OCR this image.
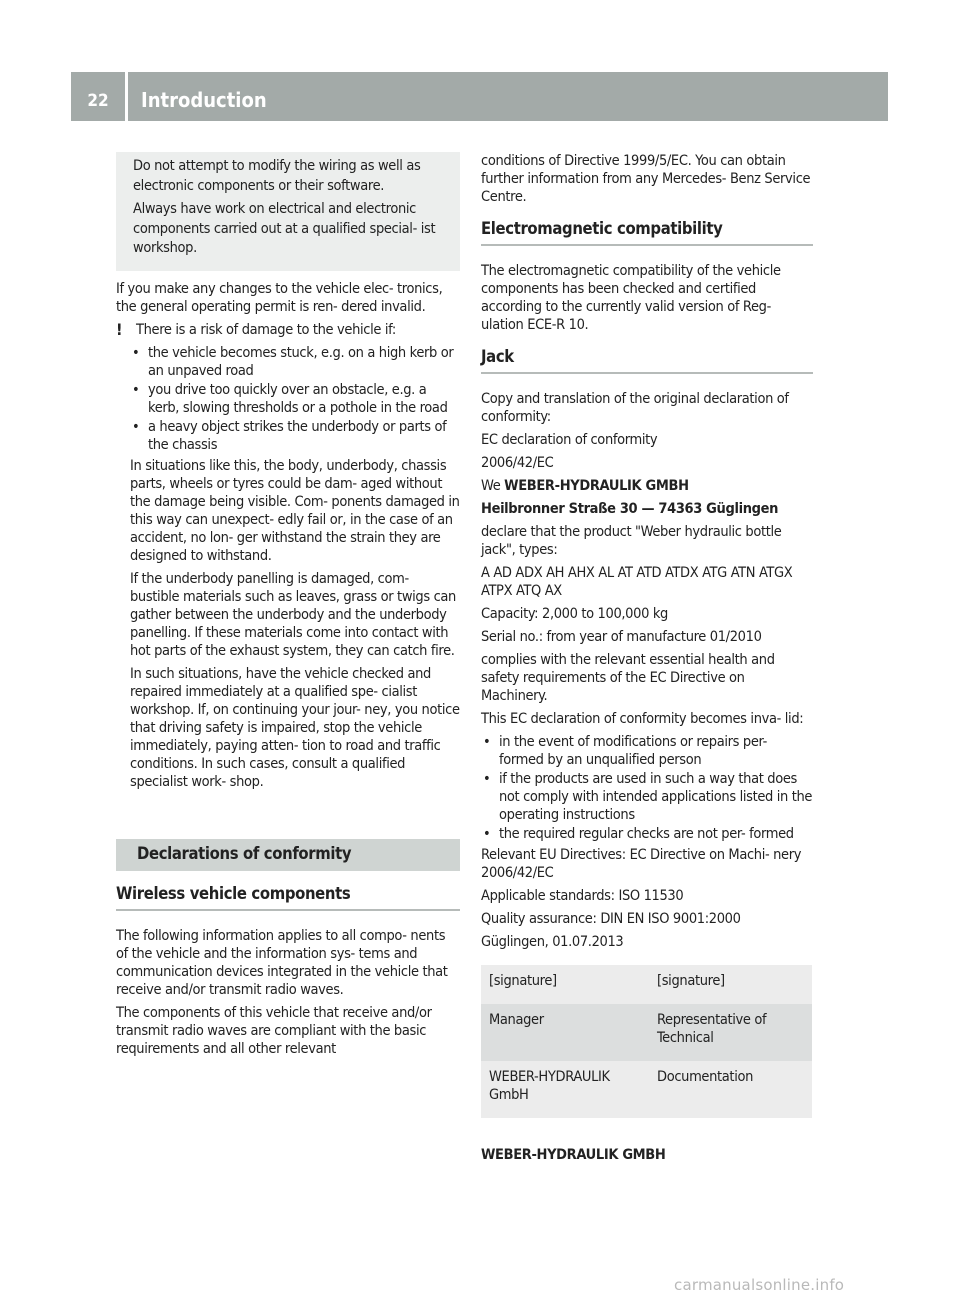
22	Introduction

Do not attempt to modify the wiring as well as electronic components or their software.

Always have work on electrical and electronic components carried out at a qualified special- ist workshop.

If you make any changes to the vehicle elec- tronics, the general operating permit is ren- dered invalid.

! There is a risk of damage to the vehicle if:

• the vehicle becomes stuck, e.g. on a high kerb or an unpaved road
• you drive too quickly over an obstacle, e.g. a kerb, slowing thresholds or a pothole in the road
• a heavy object strikes the underbody or parts of the chassis

In situations like this, the body, underbody, chassis parts, wheels or tyres could be dam- aged without the damage being visible. Com- ponents damaged in this way can unexpect- edly fail or, in the case of an accident, no lon- ger withstand the strain they are designed to withstand.

If the underbody panelling is damaged, com- bustible materials such as leaves, grass or twigs can gather between the underbody and the underbody panelling. If these materials come into contact with hot parts of the exhaust system, they can catch fire.

In such situations, have the vehicle checked and repaired immediately at a qualified spe- cialist workshop. If, on continuing your jour- ney, you notice that driving safety is impaired, stop the vehicle immediately, paying atten- tion to road and traffic conditions. In such cases, consult a qualified specialist work- shop.

Declarations of conformity
Wireless vehicle components

The following information applies to all compo- nents of the vehicle and the information sys- tems and communication devices integrated in the vehicle that receive and/or transmit radio waves.

The components of this vehicle that receive and/or transmit radio waves are compliant with the basic requirements and all other relevant

conditions of Directive 1999/5/EC. You can obtain further information from any Mercedes- Benz Service Centre.

Electromagnetic compatibility

The electromagnetic compatibility of the vehicle components has been checked and certified according to the currently valid version of Reg- ulation ECE-R 10.

Jack

Copy and translation of the original declaration of conformity:

EC declaration of conformity

2006/42/EC

We WEBER-HYDRAULIK GMBH

Heilbronner Straße 30 — 74363 Güglingen

declare that the product "Weber hydraulic bottle jack", types:

A AD ADX AH AHX AL AT ATD ATDX ATG ATN ATGX ATPX ATQ AX

Capacity: 2,000 to 100,000 kg

Serial no.: from year of manufacture 01/2010

complies with the relevant essential health and safety requirements of the EC Directive on Machinery.

This EC declaration of conformity becomes inva- lid:

• in the event of modifications or repairs per- formed by an unqualified person
• if the products are used in such a way that does not comply with intended applications listed in the operating instructions
• the required regular checks are not per- formed

Relevant EU Directives: EC Directive on Machi- nery 2006/42/EC

Applicable standards: ISO 11530

Quality assurance: DIN EN ISO 9001:2000

Güglingen, 01.07.2013

[signature]	[signature]
Manager	Representative of Technical
WEBER-HYDRAULIK GmbH	Documentation

WEBER-HYDRAULIK GMBH

carmanualsonline.info
